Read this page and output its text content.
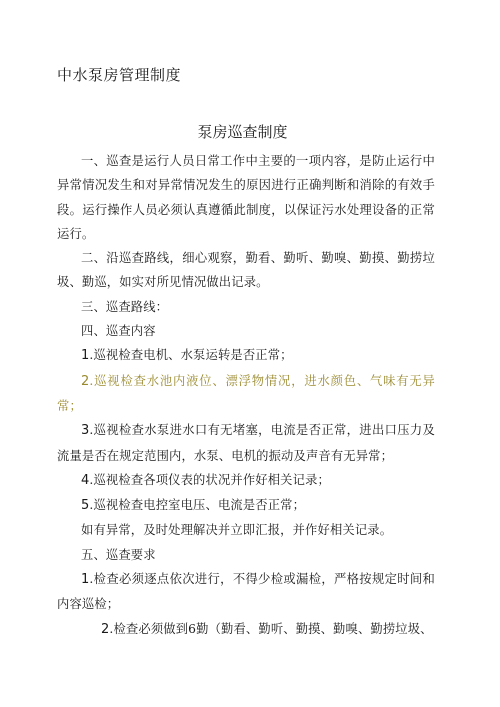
中水泵房管理制度
泵房巡查制度

一、巡查是运行人员日常工作中主要的一项内容，是防止运行中异常情况发生和对异常情况发生的原因进行正确判断和消除的有效手段。运行操作人员必须认真遵循此制度，以保证污水处理设备的正常运行。

二、沿巡查路线，细心观察，勤看、勤听、勤嗅、勤摸、勤捞垃圾、勤巡，如实对所见情况做出记录。

三、巡查路线：

四、巡查内容

1.巡视检查电机、水泵运转是否正常；

2.巡视检查水池内液位、漂浮物情况，进水颜色、气味有无异常；

3.巡视检查水泵进水口有无堵塞，电流是否正常，进出口压力及流量是否在规定范围内，水泵、电机的振动及声音有无异常；

4.巡视检查各项仪表的状况并作好相关记录；

5.巡视检查电控室电压、电流是否正常；

如有异常，及时处理解决并立即汇报，并作好相关记录。

五、巡查要求

1.检查必须逐点依次进行，不得少检或漏检，严格按规定时间和内容巡检；

2.检查必须做到6勤（勤看、勤听、勤摸、勤嗅、勤捞垃圾、
